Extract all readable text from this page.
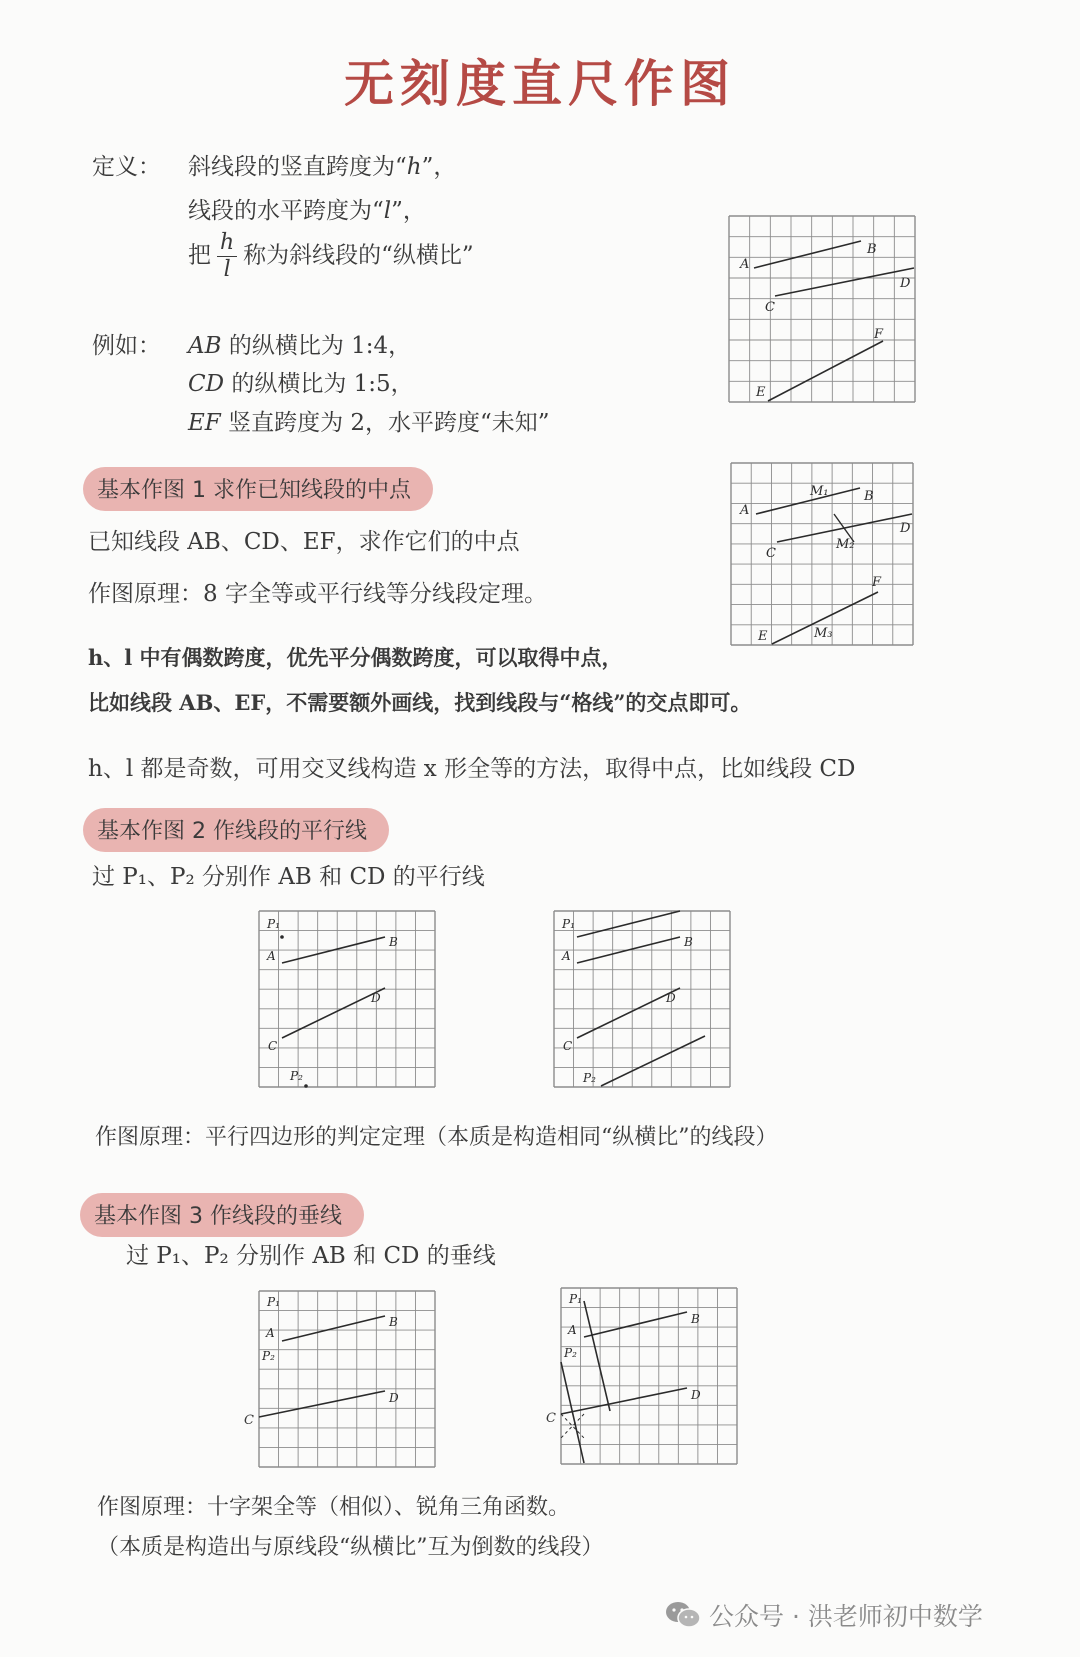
无刻度直尺作图
定义： 斜线段的竖直跨度为“h”，
线段的水平跨度为“l”，
把 $\frac{h}{l}$ 称为斜线段的“纵横比”
例如： AB 的纵横比为 1:4，
CD 的纵横比为 1:5，
EF 竖直跨度为 2，水平跨度“未知”
A
B
C
D
E
F
基本作图 1 求作已知线段的中点
已知线段 AB、CD、EF，求作它们的中点
作图原理：8 字全等或平行线等分线段定理。
h、l 中有偶数跨度，优先平分偶数跨度，可以取得中点，
比如线段 AB、EF，不需要额外画线，找到线段与“格线”的交点即可。
h、l 都是奇数，可用交叉线构造 x 形全等的方法，取得中点，比如线段 CD
A
B
C
D
E
F
M₁
M₂
M₃
基本作图 2 作线段的平行线
过 P₁、P₂ 分别作 AB 和 CD 的平行线
P₁
A
B
D
C
P₂
P₁
A
B
D
C
P₂
作图原理：平行四边形的判定定理（本质是构造相同“纵横比”的线段）
基本作图 3 作线段的垂线
过 P₁、P₂ 分别作 AB 和 CD 的垂线
P₁
A
P₂
B
D
C
P₁
A
P₂
B
D
C
作图原理：十字架全等（相似）、锐角三角函数。
（本质是构造出与原线段“纵横比”互为倒数的线段）
公众号 · 洪老师初中数学
